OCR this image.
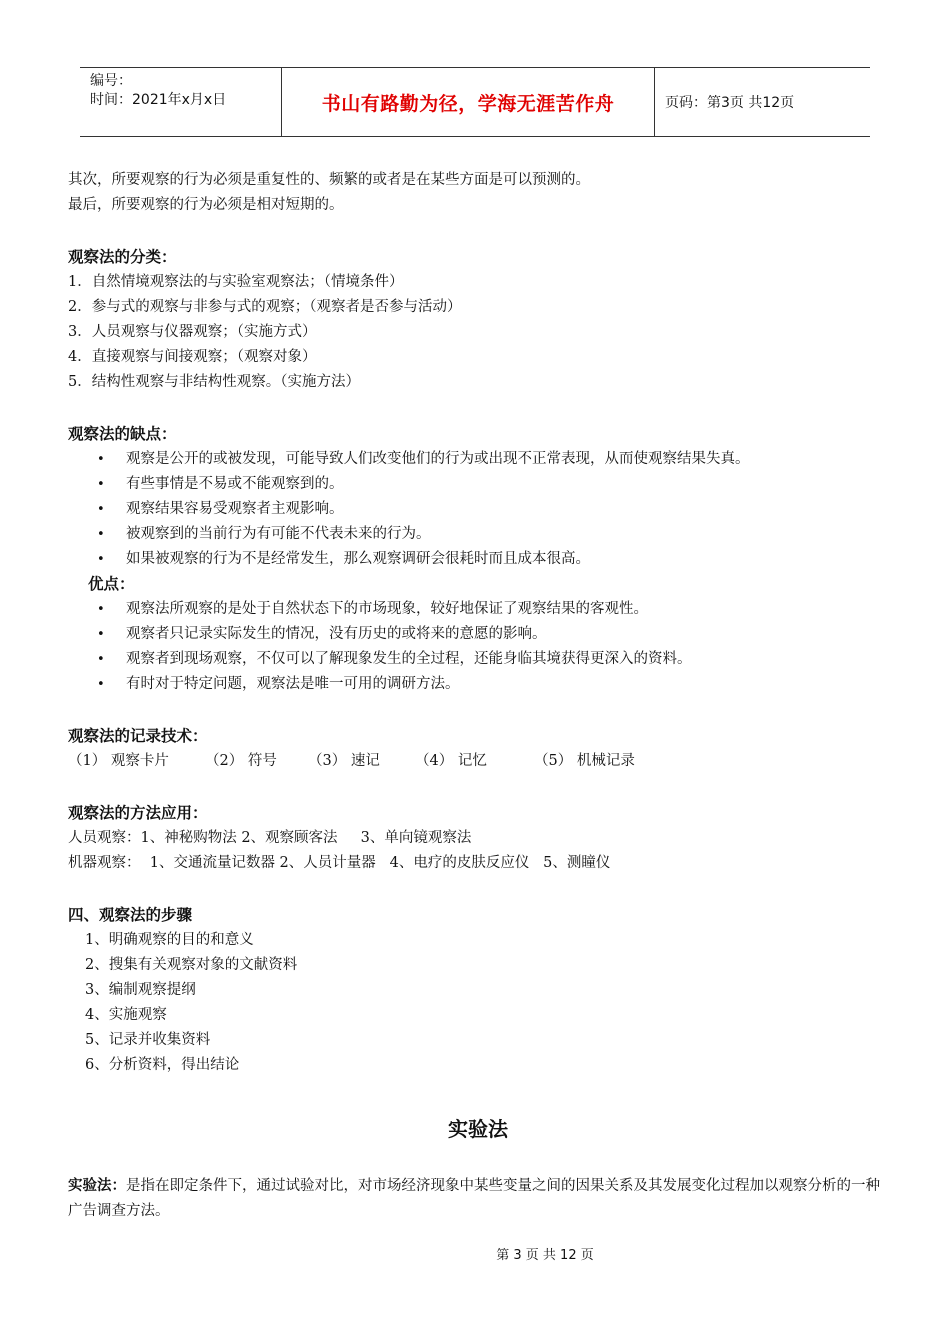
编号：
时间：2021年x月x日	书山有路勤为径，学海无涯苦作舟	页码：第3页 共12页
其次，所要观察的行为必须是重复性的、频繁的或者是在某些方面是可以预测的。
最后，所要观察的行为必须是相对短期的。
观察法的分类：
1．自然情境观察法的与实验室观察法；（情境条件）
2．参与式的观察与非参与式的观察；（观察者是否参与活动）
3．人员观察与仪器观察；（实施方式）
4．直接观察与间接观察；（观察对象）
5．结构性观察与非结构性观察。（实施方法）
观察法的缺点：
• 观察是公开的或被发现，可能导致人们改变他们的行为或出现不正常表现，从而使观察结果失真。
• 有些事情是不易或不能观察到的。
• 观察结果容易受观察者主观影响。
• 被观察到的当前行为有可能不代表未来的行为。
• 如果被观察的行为不是经常发生，那么观察调研会很耗时而且成本很高。
优点：
• 观察法所观察的是处于自然状态下的市场现象，较好地保证了观察结果的客观性。
• 观察者只记录实际发生的情况，没有历史的或将来的意愿的影响。
• 观察者到现场观察，不仅可以了解现象发生的全过程，还能身临其境获得更深入的资料。
• 有时对于特定问题，观察法是唯一可用的调研方法。
观察法的记录技术：
（1） 观察卡片 （2） 符号 （3） 速记 （4） 记忆	（5） 机械记录
观察法的方法应用：
人员观察：1、神秘购物法 2、观察顾客法     3、单向镜观察法
机器观察：  1、交通流量记数器 2、人员计量器   4、电疗的皮肤反应仪   5、测瞳仪
四、观察法的步骤
1、明确观察的目的和意义
2、搜集有关观察对象的文献资料
3、编制观察提纲
4、实施观察
5、记录并收集资料
6、分析资料，得出结论
实验法
实验法：是指在即定条件下，通过试验对比，对市场经济现象中某些变量之间的因果关系及其发展变化过程加以观察分析的一种广告调查方法。
第 3 页 共 12 页
